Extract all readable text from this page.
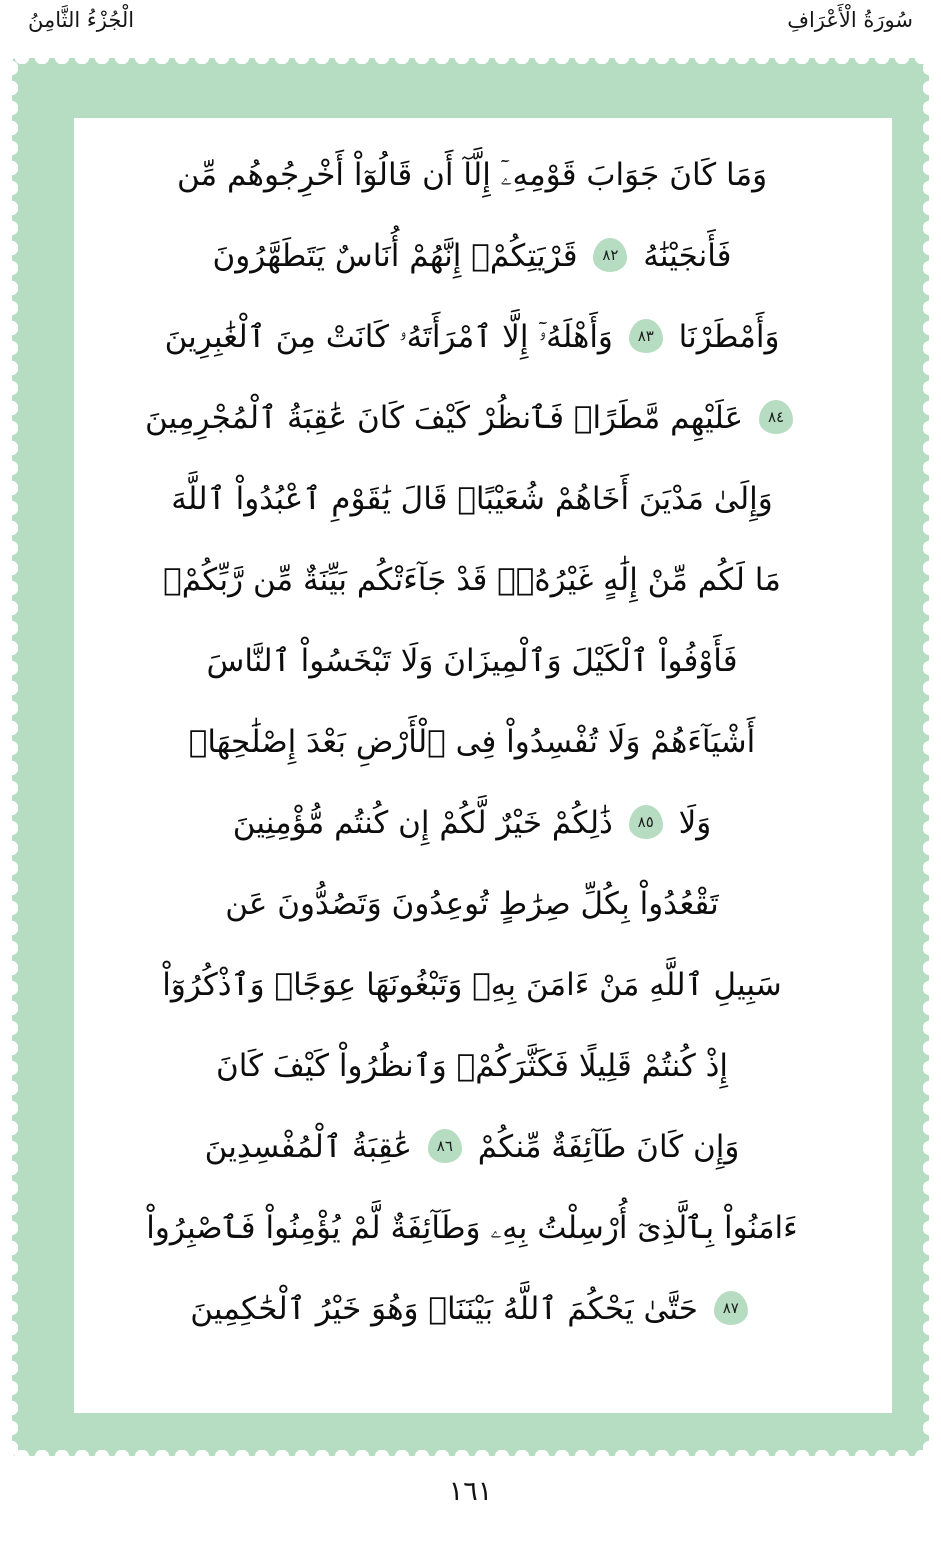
سُورَةُ الْأَعْرَافِ
الْجُزْءُ الثَّامِنُ
وَمَا كَانَ جَوَابَ قَوْمِهِۦٓ إِلَّآ أَن قَالُوٓاْ أَخْرِجُوهُم مِّن
فَأَنجَيْنَٰهُ ٨٢ قَرْيَتِكُمْۖ إِنَّهُمْ أُنَاسٌ يَتَطَهَّرُونَ
وَأَمْطَرْنَا ٨٣ وَأَهْلَهُۥٓ إِلَّا ٱمْرَأَتَهُۥ كَانَتْ مِنَ ٱلْغَٰبِرِينَ
٨٤ عَلَيْهِم مَّطَرًاۖ فَٱنظُرْ كَيْفَ كَانَ عَٰقِبَةُ ٱلْمُجْرِمِينَ
وَإِلَىٰ مَدْيَنَ أَخَاهُمْ شُعَيْبًاۗ قَالَ يَٰقَوْمِ ٱعْبُدُواْ ٱللَّهَ
مَا لَكُم مِّنْ إِلَٰهٍ غَيْرُهُۥۖ قَدْ جَآءَتْكُم بَيِّنَةٌ مِّن رَّبِّكُمْۖ
فَأَوْفُواْ ٱلْكَيْلَ وَٱلْمِيزَانَ وَلَا تَبْخَسُواْ ٱلنَّاسَ
أَشْيَآءَهُمْ وَلَا تُفْسِدُواْ فِى ٱلْأَرْضِ بَعْدَ إِصْلَٰحِهَاۚ
وَلَا ٨٥ ذَٰلِكُمْ خَيْرٌ لَّكُمْ إِن كُنتُم مُّؤْمِنِينَ
تَقْعُدُواْ بِكُلِّ صِرَٰطٍ تُوعِدُونَ وَتَصُدُّونَ عَن
سَبِيلِ ٱللَّهِ مَنْ ءَامَنَ بِهِۦ وَتَبْغُونَهَا عِوَجًاۚ وَٱذْكُرُوٓاْ
إِذْ كُنتُمْ قَلِيلًا فَكَثَّرَكُمْۖ وَٱنظُرُواْ كَيْفَ كَانَ
وَإِن كَانَ طَآئِفَةٌ مِّنكُمْ ٨٦ عَٰقِبَةُ ٱلْمُفْسِدِينَ
ءَامَنُواْ بِٱلَّذِىٓ أُرْسِلْتُ بِهِۦ وَطَآئِفَةٌ لَّمْ يُؤْمِنُواْ فَٱصْبِرُواْ
٨٧ حَتَّىٰ يَحْكُمَ ٱللَّهُ بَيْنَنَاۚ وَهُوَ خَيْرُ ٱلْحَٰكِمِينَ
١٦١
